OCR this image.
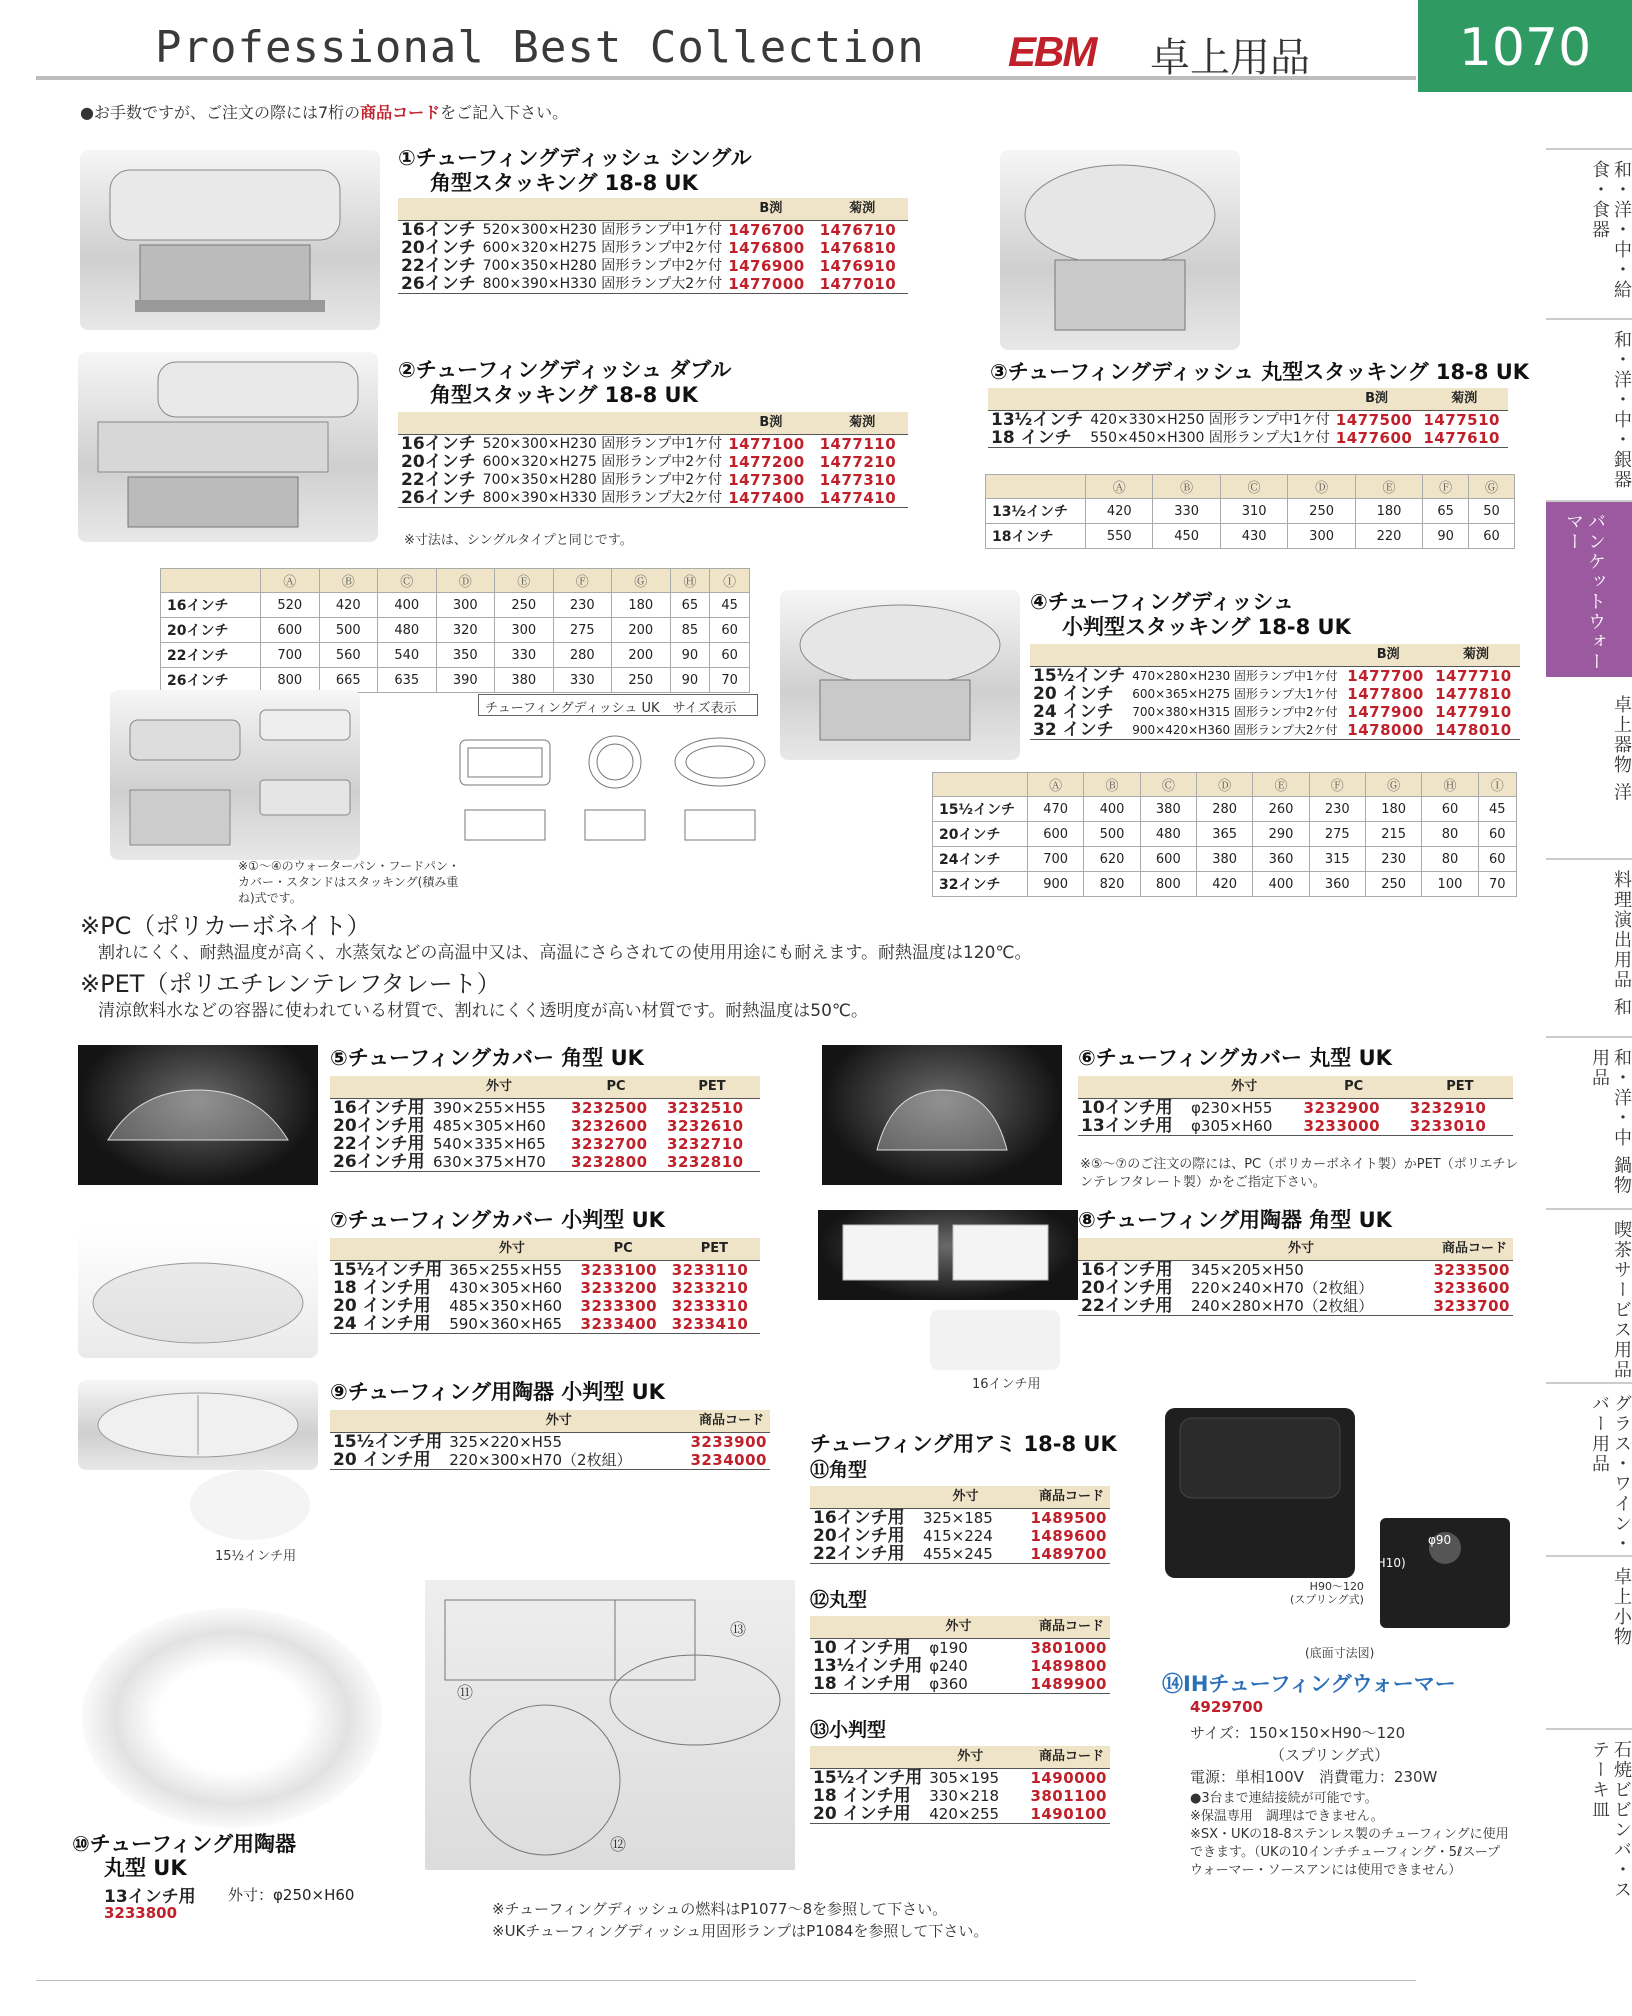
Professional Best Collection EBM 卓上用品	1070
●お手数ですが、ご注文の際には7桁の商品コードをご記入下さい。
和・洋・中・給食・食器
和・洋・中・銀器
バンケットウォーマー
卓上器物 洋
料理演出用品 和
和・洋・中 鍋物用品
喫茶サービス用品
グラス・ワイン・バー用品
卓上小物
石焼ビビンバ・ステーキ皿
①チューフィングディッシュ シングル
角型スタッキング 18-8 UK
		B渕	菊渕
16インチ	520×300×H230 固形ランプ中1ケ付	1476700	1476710
20インチ	600×320×H275 固形ランプ中2ケ付	1476800	1476810
22インチ	700×350×H280 固形ランプ中2ケ付	1476900	1476910
26インチ	800×390×H330 固形ランプ大2ケ付	1477000	1477010
②チューフィングディッシュ ダブル
角型スタッキング 18-8 UK
		B渕	菊渕
16インチ	520×300×H230 固形ランプ中1ケ付	1477100	1477110
20インチ	600×320×H275 固形ランプ中2ケ付	1477200	1477210
22インチ	700×350×H280 固形ランプ中2ケ付	1477300	1477310
26インチ	800×390×H330 固形ランプ大2ケ付	1477400	1477410
※寸法は、シングルタイプと同じです。
	Ⓐ	Ⓑ	Ⓒ	Ⓓ	Ⓔ	Ⓕ	Ⓖ	Ⓗ	Ⓘ
16インチ	520	420	400	300	250	230	180	65	45
20インチ	600	500	480	320	300	275	200	85	60
22インチ	700	560	540	350	330	280	200	90	60
26インチ	800	665	635	390	380	330	250	90	70
※①～④のウォーターパン・フードパン・カバー・スタンドはスタッキング(積み重ね)式です。
チューフィングディッシュ UK　サイズ表示
③チューフィングディッシュ 丸型スタッキング 18-8 UK
		B渕	菊渕
13½インチ	420×330×H250 固形ランプ中1ケ付	1477500	1477510
18 インチ	550×450×H300 固形ランプ大1ケ付	1477600	1477610
	Ⓐ	Ⓑ	Ⓒ	Ⓓ	Ⓔ	Ⓕ	Ⓖ
13½インチ	420	330	310	250	180	65	50
18インチ	550	450	430	300	220	90	60
④チューフィングディッシュ
小判型スタッキング 18-8 UK
		B渕	菊渕
15½インチ	470×280×H230 固形ランプ中1ケ付	1477700	1477710
20 インチ	600×365×H275 固形ランプ大1ケ付	1477800	1477810
24 インチ	700×380×H315 固形ランプ中2ケ付	1477900	1477910
32 インチ	900×420×H360 固形ランプ大2ケ付	1478000	1478010
	Ⓐ	Ⓑ	Ⓒ	Ⓓ	Ⓔ	Ⓕ	Ⓖ	Ⓗ	Ⓘ
15½インチ	470	400	380	280	260	230	180	60	45
20インチ	600	500	480	365	290	275	215	80	60
24インチ	700	620	600	380	360	315	230	80	60
32インチ	900	820	800	420	400	360	250	100	70
※PC（ポリカーボネイト）
割れにくく、耐熱温度が高く、水蒸気などの高温中又は、高温にさらされての使用用途にも耐えます。耐熱温度は120℃。
※PET（ポリエチレンテレフタレート）
清涼飲料水などの容器に使われている材質で、割れにくく透明度が高い材質です。耐熱温度は50℃。
⑤チューフィングカバー 角型 UK
	外寸	PC	PET
16インチ用	390×255×H55	3232500	3232510
20インチ用	485×305×H60	3232600	3232610
22インチ用	540×335×H65	3232700	3232710
26インチ用	630×375×H70	3232800	3232810
⑥チューフィングカバー 丸型 UK
	外寸	PC	PET
10インチ用	φ230×H55	3232900	3232910
13インチ用	φ305×H60	3233000	3233010
※⑤～⑦のご注文の際には、PC（ポリカーボネイト製）かPET（ポリエチレンテレフタレート製）かをご指定下さい。
⑦チューフィングカバー 小判型 UK
	外寸	PC	PET
15½インチ用	365×255×H55	3233100	3233110
18 インチ用	430×305×H60	3233200	3233210
20 インチ用	485×350×H60	3233300	3233310
24 インチ用	590×360×H65	3233400	3233410
16インチ用
⑧チューフィング用陶器 角型 UK
	外寸	商品コード
16インチ用	345×205×H50	3233500
20インチ用	220×240×H70（2枚組）	3233600
22インチ用	240×280×H70（2枚組）	3233700
15½インチ用
⑨チューフィング用陶器 小判型 UK
	外寸	商品コード
15½インチ用	325×220×H55	3233900
20 インチ用	220×300×H70（2枚組）	3234000
⑩チューフィング用陶器
丸型 UK
13インチ用 外寸：φ250×H60
3233800
⑪
⑫
⑬
チューフィング用アミ 18-8 UK
⑪角型
	外寸	商品コード
16インチ用	325×185	1489500
20インチ用	415×224	1489600
22インチ用	455×245	1489700
⑫丸型
	外寸	商品コード
10 インチ用	φ190	3801000
13½インチ用	φ240	1489800
18 インチ用	φ360	1489900
⑬小判型
	外寸	商品コード
15½インチ用	305×195	1490000
18 インチ用	330×218	3801100
20 インチ用	420×255	1490100
φ90
(H10)
H90～120
(スプリング式)
(底面寸法図)
⑭IHチューフィングウォーマー
4929700
サイズ：150×150×H90～120
（スプリング式）
電源：単相100V　消費電力：230W
●3台まで連結接続が可能です。
※保温専用　調理はできません。
※SX・UKの18-8ステンレス製のチューフィングに使用できます。（UKの10インチチューフィング・5ℓスープウォーマー・ソースアンには使用できません）
※チューフィングディッシュの燃料はP1077～8を参照して下さい。
※UKチューフィングディッシュ用固形ランプはP1084を参照して下さい。
